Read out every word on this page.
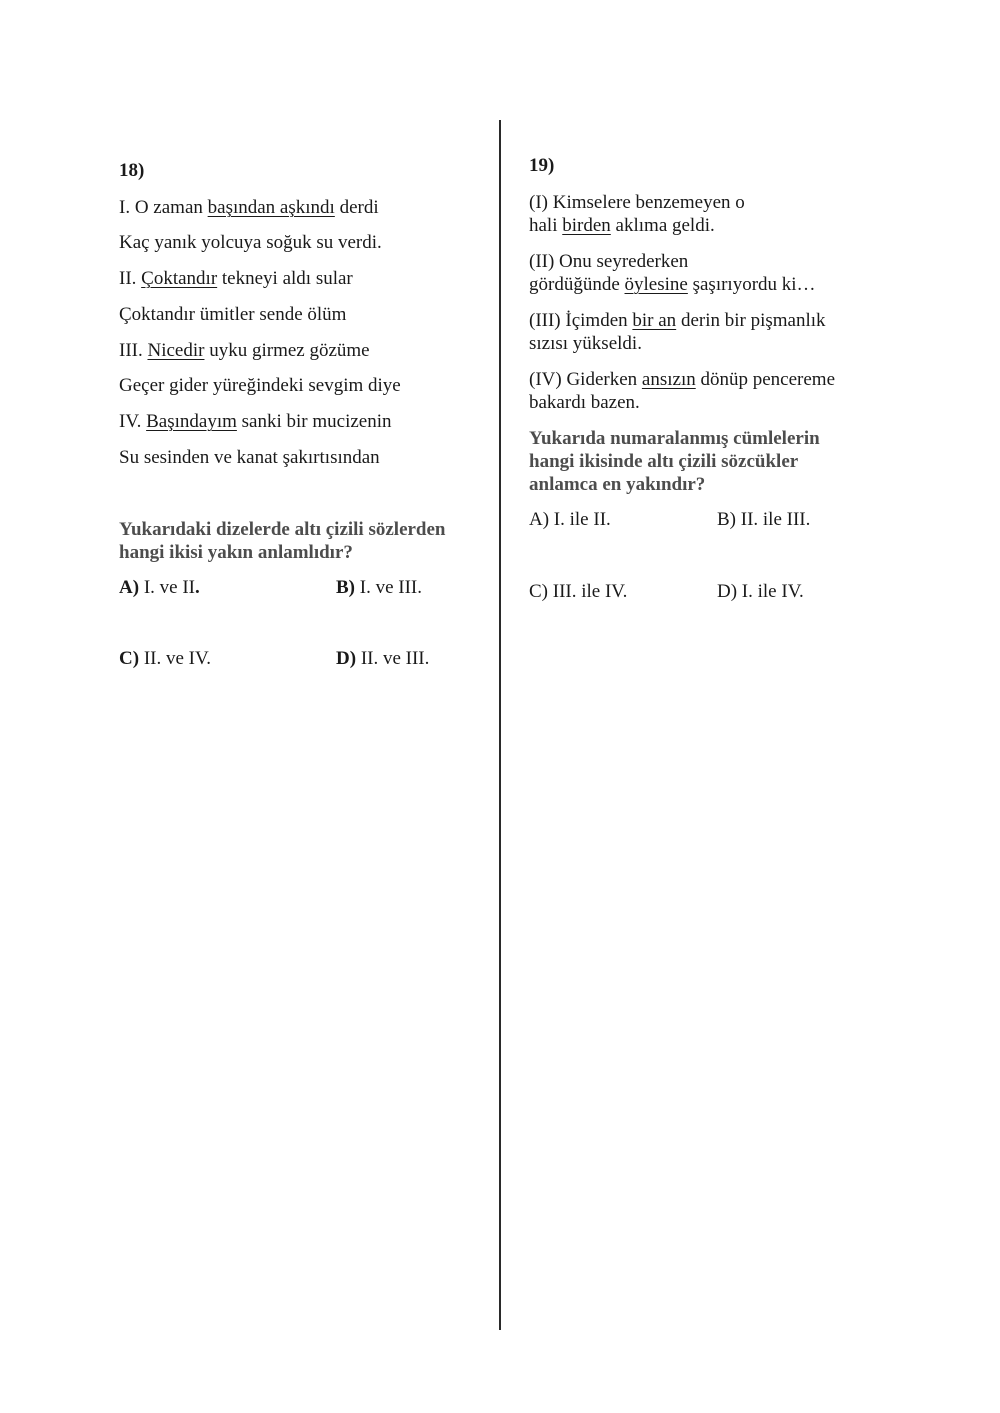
18)
I. O zaman başından aşkındı derdi
Kaç yanık yolcuya soğuk su verdi.
II. Çoktandır tekneyi aldı sular
Çoktandır ümitler sende ölüm
III. Nicedir uyku girmez gözüme
Geçer gider yüreğindeki sevgim diye
IV. Başındayım sanki bir mucizenin
Su sesinden ve kanat şakırtısından
Yukarıdaki dizelerde altı çizili sözlerden hangi ikisi yakın anlamlıdır?
A) I. ve II.	B) I. ve III.
C) II. ve IV.	D) II. ve III.
19)
(I) Kimselere benzemeyen o
hali birden aklıma geldi.
(II) Onu seyrederken
gördüğünde öylesine şaşırıyordu ki…
(III) İçimden bir an derin bir pişmanlık
sızısı yükseldi.
(IV) Giderken ansızın dönüp pencereme
bakardı bazen.
Yukarıda numaralanmış cümlelerin hangi ikisinde altı çizili sözcükler anlamca en yakındır?
A) I. ile II.	B) II. ile III.
C) III. ile IV.	D) I. ile IV.
